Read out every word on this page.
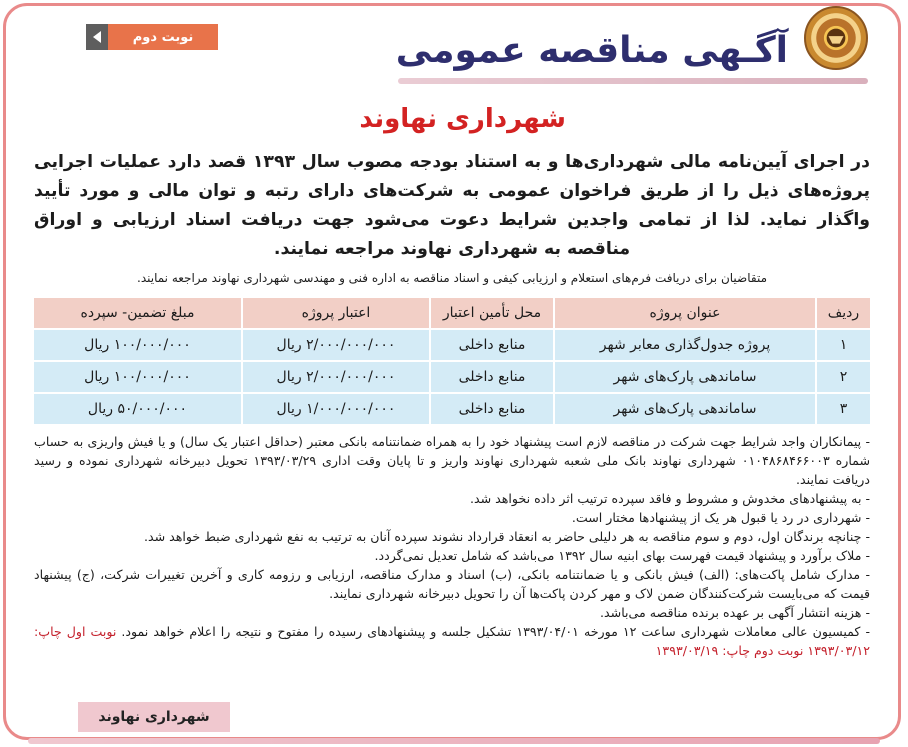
آگـهی مناقصه عمومی
نوبت دوم
شهرداری نهاوند

در اجرای آیین‌نامه مالی شهرداری‌ها و به استناد بودجه مصوب سال ۱۳۹۳ قصد دارد عملیات اجرایی پروژه‌های ذیل را از طریق فراخوان عمومی به شرکت‌های دارای رتبه و توان مالی و مورد تأیید واگذار نماید. لذا از تمامی واجدین شرایط دعوت می‌شود جهت دریافت اسناد ارزیابی و اوراق مناقصه به شهرداری نهاوند مراجعه نمایند.

متقاضیان برای دریافت فرم‌های استعلام و ارزیابی کیفی و اسناد مناقصه به اداره فنی و مهندسی شهرداری نهاوند مراجعه نمایند.

ردیف	عنوان پروژه	محل تأمین اعتبار	اعتبار پروژه	مبلغ تضمین- سپرده
۱	پروژه جدول‌گذاری معابر شهر	منابع داخلی	۲/۰۰۰/۰۰۰/۰۰۰ ریال	۱۰۰/۰۰۰/۰۰۰ ریال
۲	ساماندهی پارک‌های شهر	منابع داخلی	۲/۰۰۰/۰۰۰/۰۰۰ ریال	۱۰۰/۰۰۰/۰۰۰ ریال
۳	ساماندهی پارک‌های شهر	منابع داخلی	۱/۰۰۰/۰۰۰/۰۰۰ ریال	۵۰/۰۰۰/۰۰۰ ریال

- پیمانکاران واجد شرایط جهت شرکت در مناقصه لازم است پیشنهاد خود را به همراه ضمانتنامه بانکی معتبر (حداقل اعتبار یک سال) و یا فیش واریزی به حساب شماره ۰۱۰۴۸۶۸۴۶۶۰۰۳ شهرداری نهاوند بانک ملی شعبه شهرداری نهاوند واریز و تا پایان وقت اداری ۱۳۹۳/۰۳/۲۹ تحویل دبیرخانه شهرداری نموده و رسید دریافت نمایند.

- به پیشنهادهای مخدوش و مشروط و فاقد سپرده ترتیب اثر داده نخواهد شد.

- شهرداری در رد یا قبول هر یک از پیشنهادها مختار است.

- چنانچه برندگان اول، دوم و سوم مناقصه به هر دلیلی حاضر به انعقاد قرارداد نشوند سپرده آنان به ترتیب به نفع شهرداری ضبط خواهد شد.

- ملاک برآورد و پیشنهاد قیمت فهرست بهای ابنیه سال ۱۳۹۲ می‌باشد که شامل تعدیل نمی‌گردد.

- مدارک شامل پاکت‌های: (الف) فیش بانکی و یا ضمانتنامه بانکی، (ب) اسناد و مدارک مناقصه، ارزیابی و رزومه کاری و آخرین تغییرات شرکت، (ج) پیشنهاد قیمت که می‌بایست شرکت‌کنندگان ضمن لاک و مهر کردن پاکت‌ها آن را تحویل دبیرخانه شهرداری نمایند.

- هزینه انتشار آگهی بر عهده برنده مناقصه می‌باشد.

- کمیسیون عالی معاملات شهرداری ساعت ۱۲ مورخه ۱۳۹۳/۰۴/۰۱ تشکیل جلسه و پیشنهادهای رسیده را مفتوح و نتیجه را اعلام خواهد نمود. نوبت اول چاپ: ۱۳۹۳/۰۳/۱۲ نوبت دوم چاپ: ۱۳۹۳/۰۳/۱۹

شهرداری نهاوند
